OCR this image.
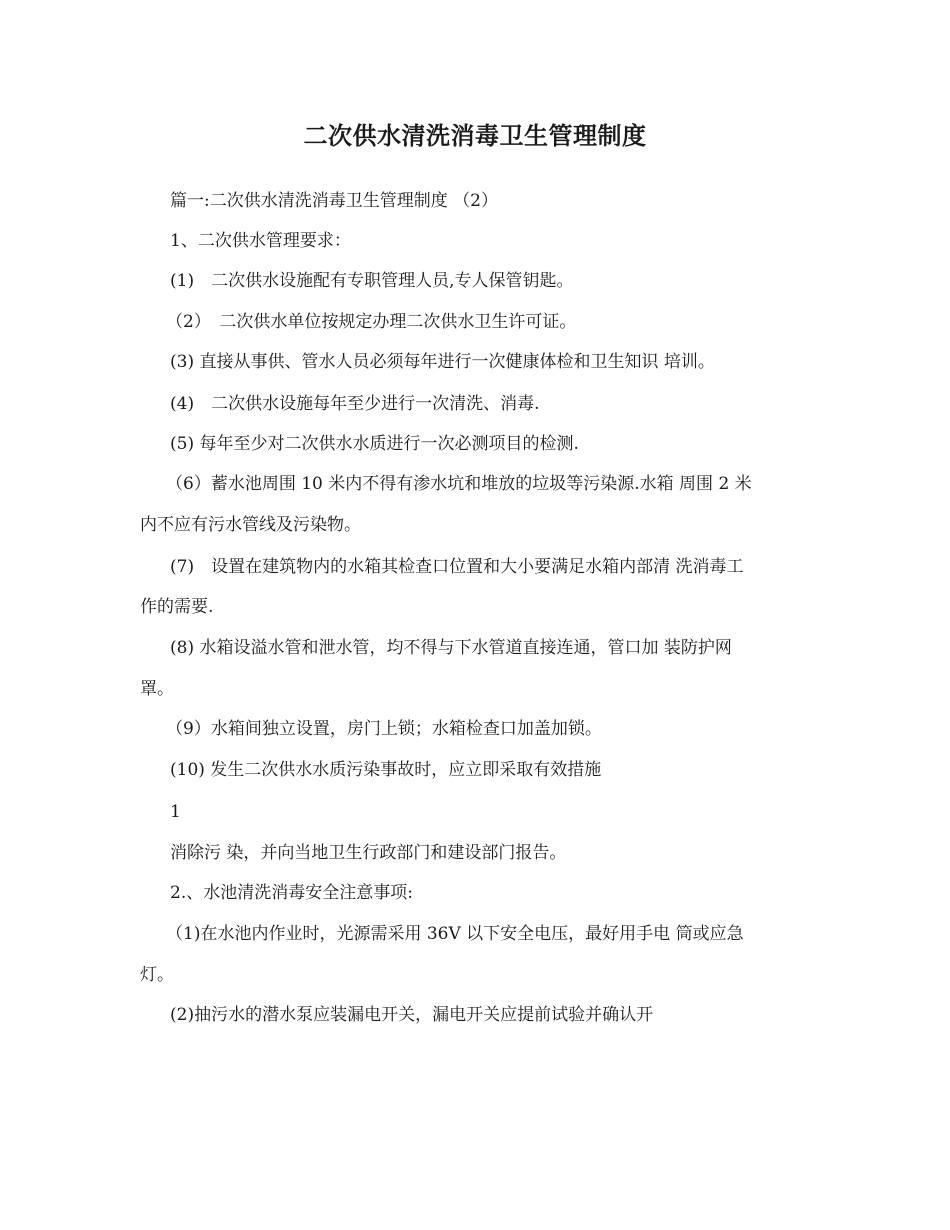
二次供水清洗消毒卫生管理制度
篇一:二次供水清洗消毒卫生管理制度 （2）
1、二次供水管理要求：
(1)　二次供水设施配有专职管理人员,专人保管钥匙。
（2）　二次供水单位按规定办理二次供水卫生许可证。
(3) 直接从事供、管水人员必须每年进行一次健康体检和卫生知识 培训。
(4)　二次供水设施每年至少进行一次清洗、消毒.
(5) 每年至少对二次供水水质进行一次必测项目的检测.
（6）蓄水池周围 10 米内不得有渗水坑和堆放的垃圾等污染源.水箱 周围 2 米
内不应有污水管线及污染物。
(7)　设置在建筑物内的水箱其检查口位置和大小要满足水箱内部清 洗消毒工
作的需要.
(8) 水箱设溢水管和泄水管，均不得与下水管道直接连通，管口加 装防护网
罩。
（9）水箱间独立设置，房门上锁；水箱检查口加盖加锁。
(10) 发生二次供水水质污染事故时，应立即采取有效措施
1
消除污 染，并向当地卫生行政部门和建设部门报告。
2.、水池清洗消毒安全注意事项:
（1)在水池内作业时，光源需采用 36V 以下安全电压，最好用手电 筒或应急
灯。
(2)抽污水的潜水泵应装漏电开关，漏电开关应提前试验并确认开
